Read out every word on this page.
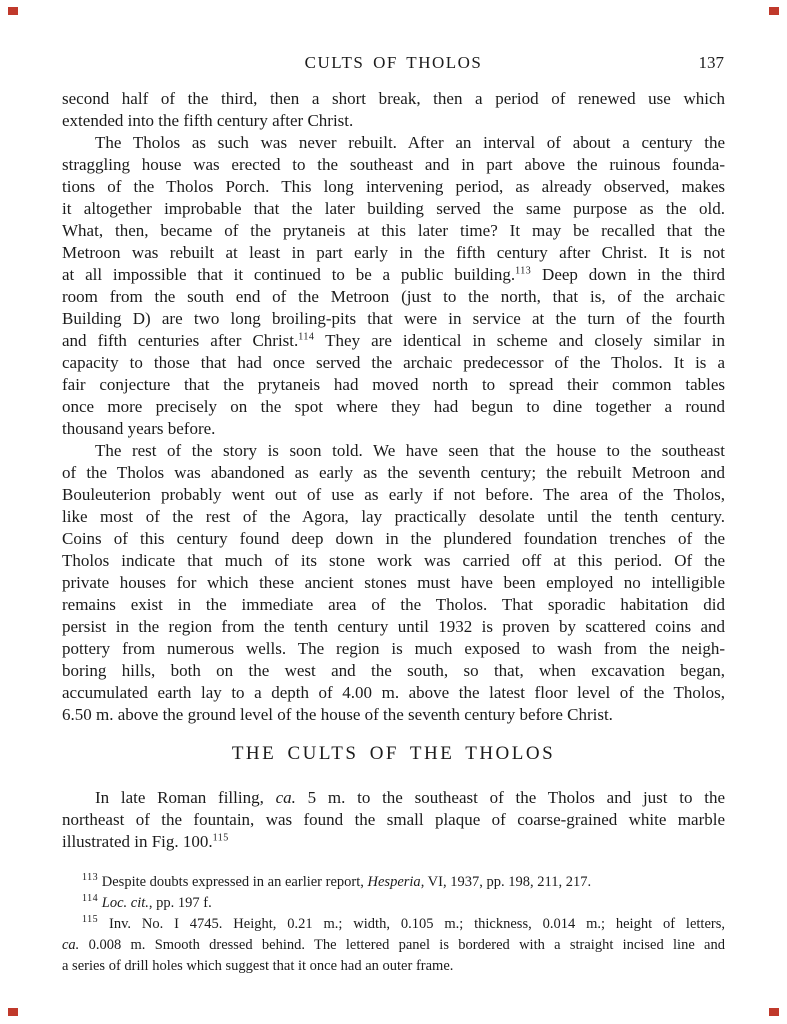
CULTS OF THOLOS	137
second half of the third, then a short break, then a period of renewed use which
extended into the fifth century after Christ.
The Tholos as such was never rebuilt. After an interval of about a century the
straggling house was erected to the southeast and in part above the ruinous founda-
tions of the Tholos Porch. This long intervening period, as already observed, makes
it altogether improbable that the later building served the same purpose as the old.
What, then, became of the prytaneis at this later time? It may be recalled that the
Metroon was rebuilt at least in part early in the fifth century after Christ. It is not
at all impossible that it continued to be a public building.$^{113}$ Deep down in the third
room from the south end of the Metroon (just to the north, that is, of the archaic
Building D) are two long broiling-pits that were in service at the turn of the fourth
and fifth centuries after Christ.$^{114}$ They are identical in scheme and closely similar in
capacity to those that had once served the archaic predecessor of the Tholos. It is a
fair conjecture that the prytaneis had moved north to spread their common tables
once more precisely on the spot where they had begun to dine together a round
thousand years before.
The rest of the story is soon told. We have seen that the house to the southeast
of the Tholos was abandoned as early as the seventh century; the rebuilt Metroon and
Bouleuterion probably went out of use as early if not before. The area of the Tholos,
like most of the rest of the Agora, lay practically desolate until the tenth century.
Coins of this century found deep down in the plundered foundation trenches of the
Tholos indicate that much of its stone work was carried off at this period. Of the
private houses for which these ancient stones must have been employed no intelligible
remains exist in the immediate area of the Tholos. That sporadic habitation did
persist in the region from the tenth century until 1932 is proven by scattered coins and
pottery from numerous wells. The region is much exposed to wash from the neigh-
boring hills, both on the west and the south, so that, when excavation began,
accumulated earth lay to a depth of 4.00 m. above the latest floor level of the Tholos,
6.50 m. above the ground level of the house of the seventh century before Christ.
THE CULTS OF THE THOLOS
In late Roman filling, ca. 5 m. to the southeast of the Tholos and just to the
northeast of the fountain, was found the small plaque of coarse-grained white marble
illustrated in Fig. 100.$^{115}$
$^{113}$ Despite doubts expressed in an earlier report, Hesperia, VI, 1937, pp. 198, 211, 217.
$^{114}$ Loc. cit., pp. 197 f.
$^{115}$ Inv. No. I 4745. Height, 0.21 m.; width, 0.105 m.; thickness, 0.014 m.; height of letters,
ca. 0.008 m. Smooth dressed behind. The lettered panel is bordered with a straight incised line and
a series of drill holes which suggest that it once had an outer frame.
